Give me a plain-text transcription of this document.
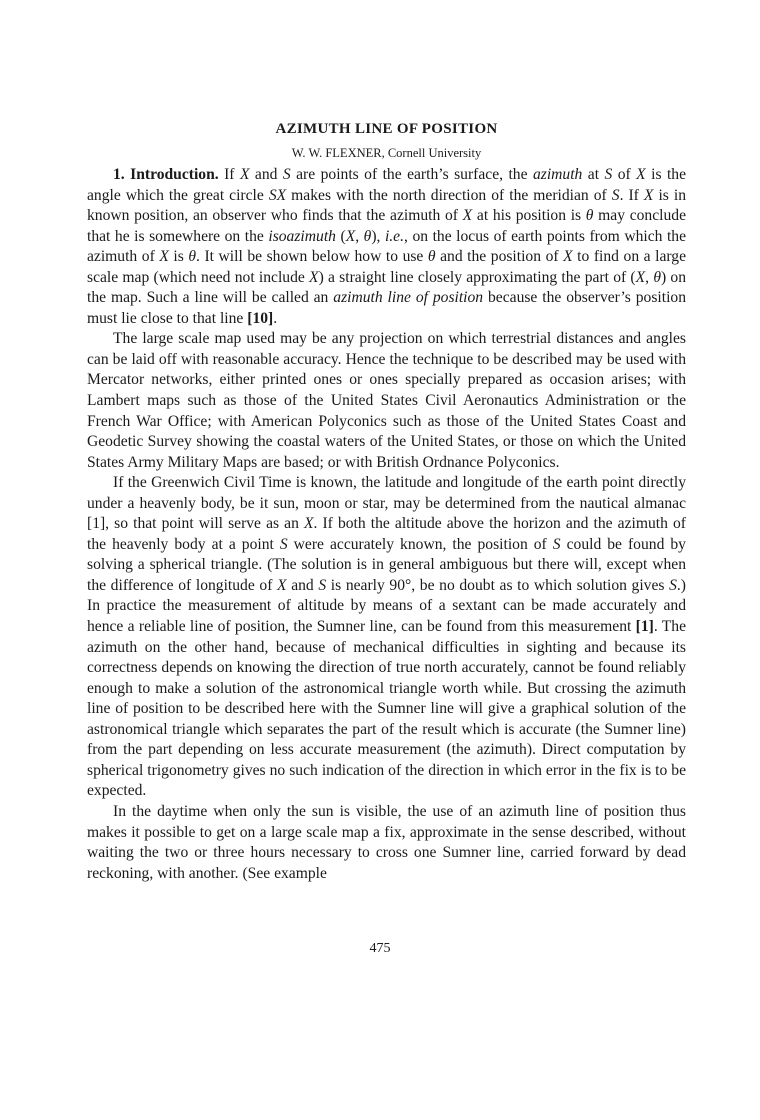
AZIMUTH LINE OF POSITION
W. W. FLEXNER, Cornell University

1. Introduction. If X and S are points of the earth’s surface, the azimuth at S of X is the angle which the great circle SX makes with the north direction of the meridian of S. If X is in known position, an observer who finds that the azimuth of X at his position is θ may conclude that he is somewhere on the isoazimuth (X, θ), i.e., on the locus of earth points from which the azimuth of X is θ. It will be shown below how to use θ and the position of X to find on a large scale map (which need not include X) a straight line closely approximating the part of (X, θ) on the map. Such a line will be called an azimuth line of position because the observer’s position must lie close to that line [10].

The large scale map used may be any projection on which terrestrial distances and angles can be laid off with reasonable accuracy. Hence the technique to be described may be used with Mercator networks, either printed ones or ones specially prepared as occasion arises; with Lambert maps such as those of the United States Civil Aeronautics Administration or the French War Office; with American Polyconics such as those of the United States Coast and Geodetic Survey showing the coastal waters of the United States, or those on which the United States Army Military Maps are based; or with British Ordnance Polyconics.

If the Greenwich Civil Time is known, the latitude and longitude of the earth point directly under a heavenly body, be it sun, moon or star, may be determined from the nautical almanac [1], so that point will serve as an X. If both the altitude above the horizon and the azimuth of the heavenly body at a point S were accurately known, the position of S could be found by solving a spherical triangle. (The solution is in general ambiguous but there will, except when the difference of longitude of X and S is nearly 90°, be no doubt as to which solution gives S.) In practice the measurement of altitude by means of a sextant can be made accurately and hence a reliable line of position, the Sumner line, can be found from this measurement [1]. The azimuth on the other hand, because of mechanical difficulties in sighting and because its correctness depends on knowing the direction of true north accurately, cannot be found reliably enough to make a solution of the astronomical triangle worth while. But crossing the azimuth line of position to be described here with the Sumner line will give a graphical solution of the astronomical triangle which separates the part of the result which is accurate (the Sumner line) from the part depending on less accurate measurement (the azimuth). Direct computation by spherical trigonometry gives no such indication of the direction in which error in the fix is to be expected.

In the daytime when only the sun is visible, the use of an azimuth line of position thus makes it possible to get on a large scale map a fix, approximate in the sense described, without waiting the two or three hours necessary to cross one Sumner line, carried forward by dead reckoning, with another. (See example

475
